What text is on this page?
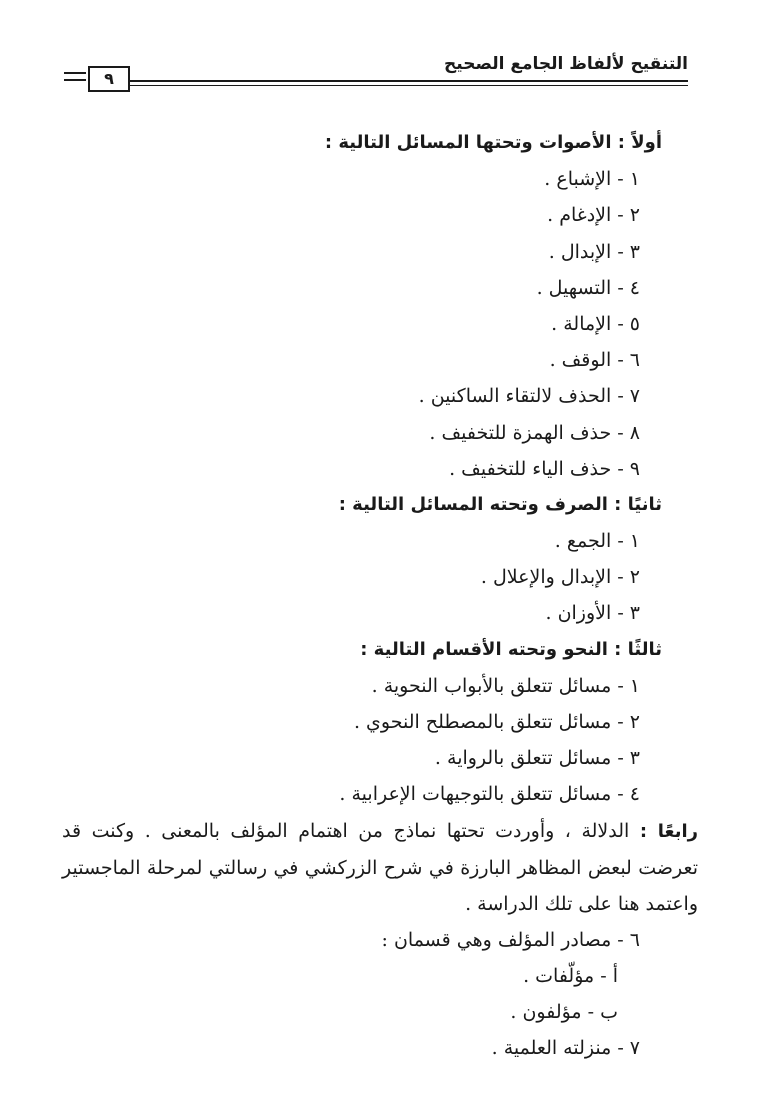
التنقيح لألفاظ الجامع الصحيح
٩
أولاً : الأصوات وتحتها المسائل التالية :
١ - الإشباع .
٢ - الإدغام .
٣ - الإبدال .
٤ - التسهيل .
٥ - الإمالة .
٦ - الوقف .
٧ - الحذف لالتقاء الساكنين .
٨ - حذف الهمزة للتخفيف .
٩ - حذف الياء للتخفيف .
ثانيًا : الصرف وتحته المسائل التالية :
١ - الجمع .
٢ - الإبدال والإعلال .
٣ - الأوزان .
ثالثًا : النحو وتحته الأقسام التالية :
١ - مسائل تتعلق بالأبواب النحوية .
٢ - مسائل تتعلق بالمصطلح النحوي .
٣ - مسائل تتعلق بالرواية .
٤ - مسائل تتعلق بالتوجيهات الإعرابية .
رابعًا : الدلالة ، وأوردت تحتها نماذج من اهتمام المؤلف بالمعنى . وكنت قد تعرضت لبعض المظاهر البارزة في شرح الزركشي في رسالتي لمرحلة الماجستير واعتمد هنا على تلك الدراسة .
٦ - مصادر المؤلف وهي قسمان :
أ - مؤلّفات .
ب - مؤلفون .
٧ - منزلته العلمية .
